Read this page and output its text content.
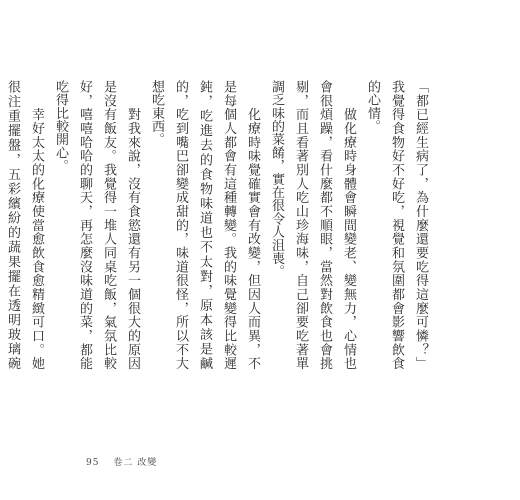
「都已經生病了，為什麼還要吃得這麼可憐？」我覺得食物好不好吃，視覺和氛圍都會影響飲食的心情。

　　做化療時身體會瞬間變老、變無力，心情也會很煩躁，看什麼都不順眼，當然對飲食也會挑剔，而且看著別人吃山珍海味，自己卻要吃著單調乏味的菜餚，實在很令人沮喪。

　　化療時味覺確實會有改變，但因人而異，不是每個人都會有這種轉變。我的味覺變得比較遲鈍，吃進去的食物味道也不太對，原本該是鹹的，吃到嘴巴卻變成甜的，味道很怪，所以不大想吃東西。

　　對我來說，沒有食慾還有另一個很大的原因是沒有飯友。我覺得一堆人同桌吃飯，氣氛比較好，嘻嘻哈哈的聊天，再怎麼沒味道的菜，都能吃得比較開心。

　　幸好太太的化療使當愈飲食愈精緻可口。她很注重擺盤，五彩繽紛的蔬果擺在透明玻璃碗

95 卷二 改變
